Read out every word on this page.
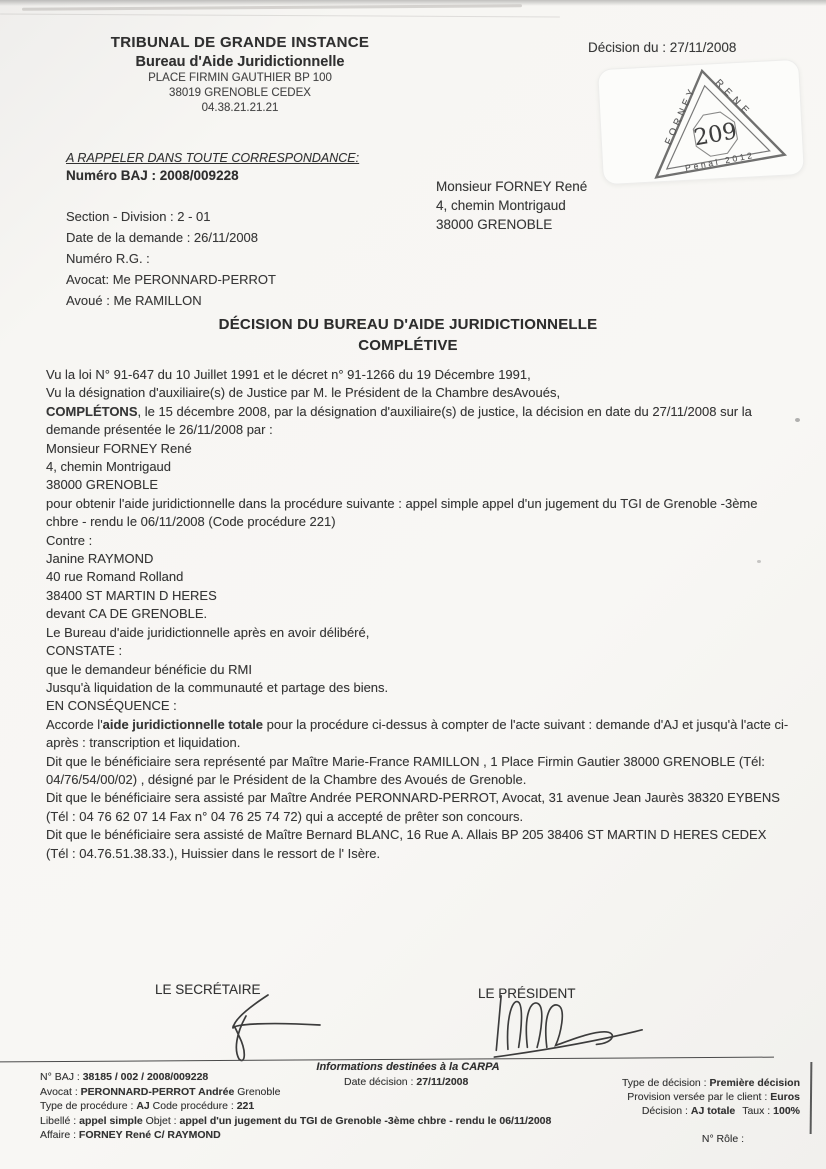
TRIBUNAL DE GRANDE INSTANCE
Bureau d'Aide Juridictionnelle
PLACE FIRMIN GAUTHIER BP 100
38019 GRENOBLE CEDEX
04.38.21.21.21
Décision du : 27/11/2008
209
FORNEY RENE
Penal 2012
A RAPPELER DANS TOUTE CORRESPONDANCE:
Numéro BAJ : 2008/009228
Monsieur FORNEY René
4, chemin Montrigaud
38000 GRENOBLE
Section - Division : 2 - 01
Date de la demande : 26/11/2008
Numéro R.G. :
Avocat: Me PERONNARD-PERROT
Avoué : Me RAMILLON
DÉCISION DU BUREAU D'AIDE JURIDICTIONNELLE
COMPLÉTIVE

Vu la loi N° 91-647 du 10 Juillet 1991 et le décret n° 91-1266 du 19 Décembre 1991,

Vu la désignation d'auxiliaire(s) de Justice par M. le Président de la Chambre desAvoués,

COMPLÉTONS, le 15 décembre 2008, par la désignation d'auxiliaire(s) de justice, la décision en date du 27/11/2008 sur la demande présentée le 26/11/2008 par :

Monsieur FORNEY René

4, chemin Montrigaud

38000 GRENOBLE

pour obtenir l'aide juridictionnelle dans la procédure suivante : appel simple appel d'un jugement du TGI de Grenoble -3ème chbre - rendu le 06/11/2008 (Code procédure 221)

Contre :

Janine RAYMOND

40 rue Romand Rolland

38400 ST MARTIN D HERES

devant CA DE GRENOBLE.

Le Bureau d'aide juridictionnelle après en avoir délibéré,

CONSTATE :

que le demandeur bénéficie du RMI

Jusqu'à liquidation de la communauté et partage des biens.

EN CONSÉQUENCE :

Accorde l'aide juridictionnelle totale pour la procédure ci-dessus à compter de l'acte suivant : demande d'AJ et jusqu'à l'acte ci-après : transcription et liquidation.

Dit que le bénéficiaire sera représenté par Maître Marie-France RAMILLON , 1 Place Firmin Gautier 38000 GRENOBLE (Tél: 04/76/54/00/02) , désigné par le Président de la Chambre des Avoués de Grenoble.

Dit que le bénéficiaire sera assisté par Maître Andrée PERONNARD-PERROT, Avocat, 31 avenue Jean Jaurès 38320 EYBENS (Tél : 04 76 62 07 14 Fax n° 04 76 25 74 72) qui a accepté de prêter son concours.

Dit que le bénéficiaire sera assisté de Maître Bernard BLANC, 16 Rue A. Allais BP 205 38406 ST MARTIN D HERES CEDEX (Tél : 04.76.51.38.33.), Huissier dans le ressort de l' Isère.

LE SECRÉTAIRE	LE PRÉSIDENT
Informations destinées à la CARPA
Date décision : 27/11/2008
N° BAJ : 38185 / 002 / 2008/009228
Avocat : PERONNARD-PERROT Andrée Grenoble
Type de procédure : AJ Code procédure : 221
Libellé : appel simple Objet : appel d'un jugement du TGI de Grenoble -3ème chbre - rendu le 06/11/2008
Affaire : FORNEY René C/ RAYMOND
Type de décision : Première décision
Provision versée par le client : Euros
Décision : AJ totale Taux : 100%
N° Rôle :
